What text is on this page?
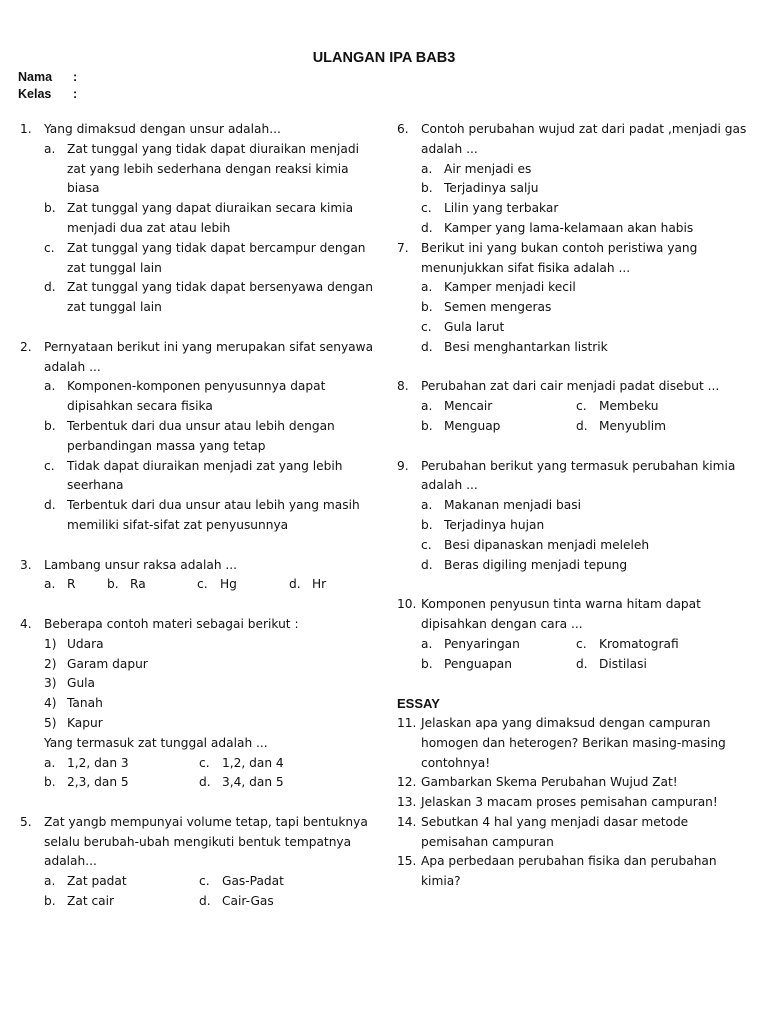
ULANGAN IPA BAB3
Nama :
Kelas :
1.	Yang dimaksud dengan unsur adalah...
a. Zat tunggal yang tidak dapat diuraikan menjadi zat yang lebih sederhana dengan reaksi kimia biasa
b. Zat tunggal yang dapat diuraikan secara kimia menjadi dua zat atau lebih
c.	Zat tunggal yang tidak dapat bercampur dengan zat tunggal lain
d. Zat tunggal yang tidak dapat bersenyawa dengan zat tunggal lain
2.	Pernyataan berikut ini yang merupakan sifat senyawa adalah ...
a. Komponen-komponen penyusunnya dapat dipisahkan secara fisika
b. Terbentuk dari dua unsur atau lebih dengan perbandingan massa yang tetap
c.	Tidak dapat diuraikan menjadi zat yang lebih seerhana
d. Terbentuk dari dua unsur atau lebih yang masih memiliki sifat-sifat zat penyusunnya
3.	Lambang unsur raksa adalah ...
a. R	b. Ra	c.	Hg	d. Hr
4.	Beberapa contoh materi sebagai berikut :
1) Udara
2) Garam dapur
3) Gula
4) Tanah
5) Kapur
Yang termasuk zat tunggal adalah ...
a. 1,2, dan 3	c.	1,2, dan 4
b. 2,3, dan 5	d. 3,4, dan 5
5.	Zat yangb mempunyai volume tetap, tapi bentuknya selalu berubah-ubah mengikuti bentuk tempatnya adalah...
a. Zat padat	c.	Gas-Padat
b. Zat cair	d. Cair-Gas
6.	Contoh perubahan wujud zat dari padat ,menjadi gas adalah ...
a. Air menjadi es
b. Terjadinya salju
c.	Lilin yang terbakar
d. Kamper yang lama-kelamaan akan habis
7.	Berikut ini yang bukan contoh peristiwa yang menunjukkan sifat fisika adalah ...
a. Kamper menjadi kecil
b. Semen mengeras
c.	Gula larut
d. Besi menghantarkan listrik
8.	Perubahan zat dari cair menjadi padat disebut ...
a. Mencair	c.	Membeku
b. Menguap	d. Menyublim
9.	Perubahan berikut yang termasuk perubahan kimia adalah ...
a. Makanan menjadi basi
b. Terjadinya hujan
c.	Besi dipanaskan menjadi meleleh
d. Beras digiling menjadi tepung
10. Komponen penyusun tinta warna hitam dapat dipisahkan dengan cara ...
a. Penyaringan	c.	Kromatografi
b. Penguapan	d. Distilasi
ESSAY
11. Jelaskan apa yang dimaksud dengan campuran homogen dan heterogen? Berikan masing-masing contohnya!
12. Gambarkan Skema Perubahan Wujud Zat!
13. Jelaskan 3 macam proses pemisahan campuran!
14. Sebutkan 4 hal yang menjadi dasar metode pemisahan campuran
15. Apa perbedaan perubahan fisika dan perubahan kimia?
